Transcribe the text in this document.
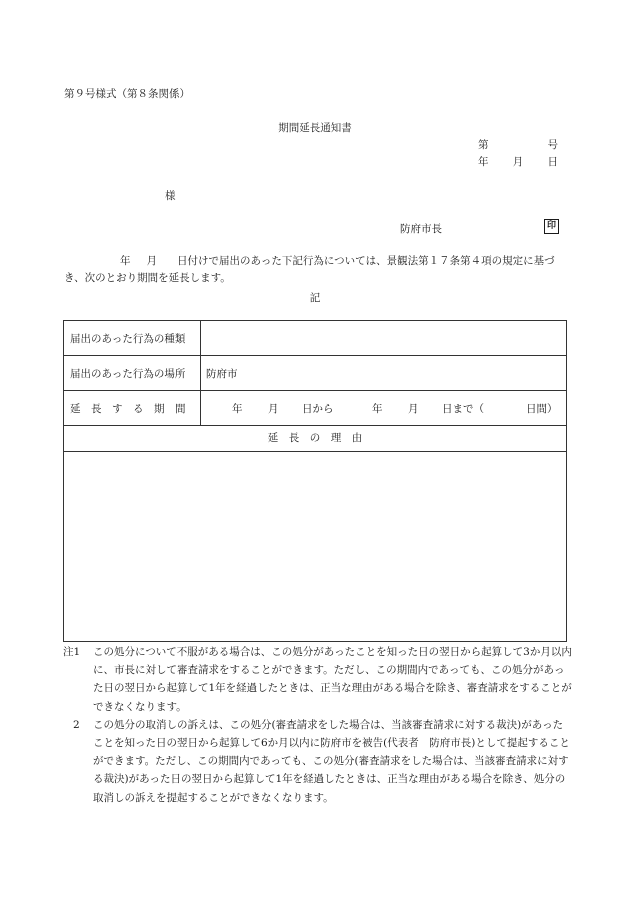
第９号様式（第８条関係）
期間延長通知書
第	号
年 月 日
様
防府市長	印
年 月 日付けで届出のあった下記行為については、景観法第１７条第４項の規定に基づき、次のとおり期間を延長します。
記
届出のあった行為の種類
届出のあった行為の場所 防府市
延　長　す　る　期　間	年 月 日から	年 月 日まで（	日間）
延　長　の　理　由
注1	この処分について不服がある場合は、この処分があったことを知った日の翌日から起算して3か月以内に、市長に対して審査請求をすることができます。ただし、この期間内であっても、この処分があった日の翌日から起算して1年を経過したときは、正当な理由がある場合を除き、審査請求をすることができなくなります。
2	この処分の取消しの訴えは、この処分(審査請求をした場合は、当該審査請求に対する裁決)があったことを知った日の翌日から起算して6か月以内に防府市を被告(代表者　防府市長)として提起することができます。ただし、この期間内であっても、この処分(審査請求をした場合は、当該審査請求に対する裁決)があった日の翌日から起算して1年を経過したときは、正当な理由がある場合を除き、処分の取消しの訴えを提起することができなくなります。
